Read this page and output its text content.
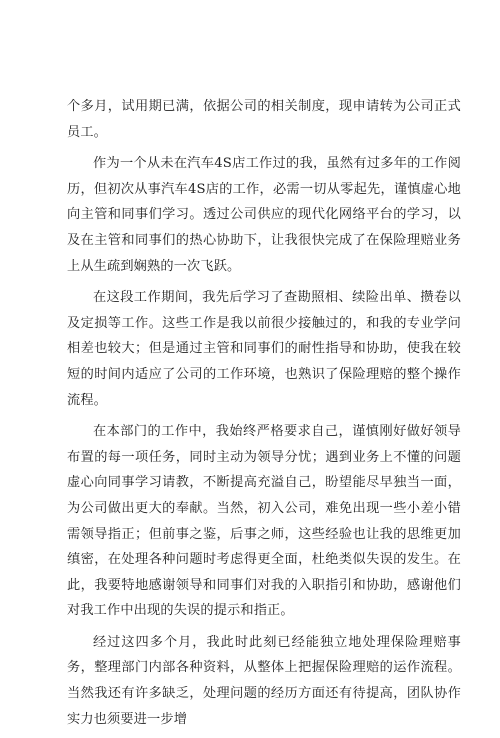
个多月，试用期已满，依据公司的相关制度，现申请转为公司正式员工。

作为一个从未在汽车4S店工作过的我，虽然有过多年的工作阅历，但初次从事汽车4S店的工作，必需一切从零起先，谨慎虚心地向主管和同事们学习。透过公司供应的现代化网络平台的学习，以及在主管和同事们的热心协助下，让我很快完成了在保险理赔业务上从生疏到娴熟的一次飞跃。

在这段工作期间，我先后学习了查勘照相、续险出单、攒卷以及定损等工作。这些工作是我以前很少接触过的，和我的专业学问相差也较大；但是通过主管和同事们的耐性指导和协助，使我在较短的时间内适应了公司的工作环境，也熟识了保险理赔的整个操作流程。

在本部门的工作中，我始终严格要求自己，谨慎刚好做好领导布置的每一项任务，同时主动为领导分忧；遇到业务上不懂的问题虚心向同事学习请教，不断提高充溢自己，盼望能尽早独当一面，为公司做出更大的奉献。当然，初入公司，难免出现一些小差小错需领导指正；但前事之鉴，后事之师，这些经验也让我的思维更加缜密，在处理各种问题时考虑得更全面，杜绝类似失误的发生。在此，我要特地感谢领导和同事们对我的入职指引和协助，感谢他们对我工作中出现的失误的提示和指正。

经过这四多个月，我此时此刻已经能独立地处理保险理赔事务，整理部门内部各种资料，从整体上把握保险理赔的运作流程。当然我还有许多缺乏，处理问题的经历方面还有待提高，团队协作实力也须要进一步增
